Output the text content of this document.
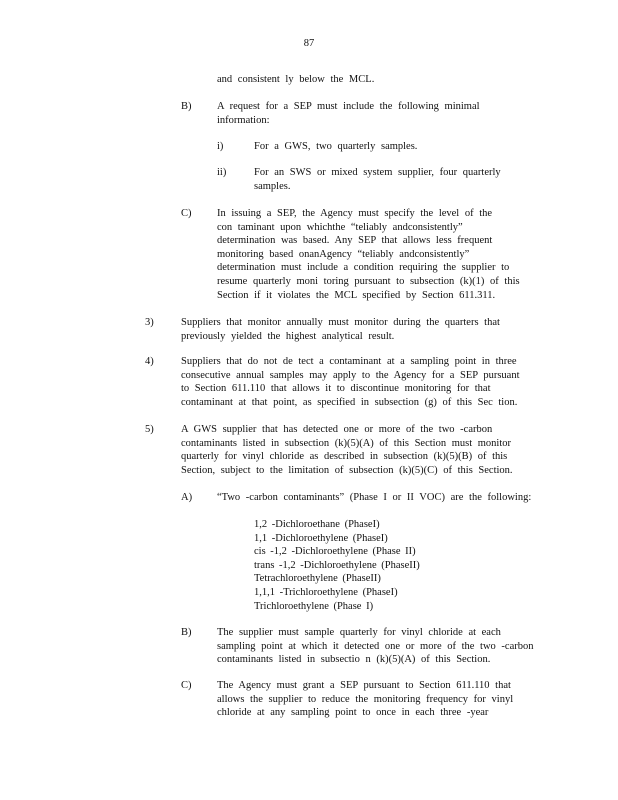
87
and consistent ly below the MCL.
B) A request for a SEP must include the following minimal
information:
i)	For a GWS, two quarterly samples.
ii)	For an SWS or mixed system supplier, four quarterly
samples.
C) In issuing a SEP, the Agency must specify the level of the
con taminant upon whichthe “teliably andconsistently”
determination was based. Any SEP that allows less frequent
monitoring based onanAgency “teliably andconsistently”
determination must include a condition requiring the supplier to
resume quarterly moni toring pursuant to subsection (k)(1) of this
Section if it violates the MCL specified by Section 611.311.
3)	Suppliers that monitor annually must monitor during the quarters that
previously yielded the highest analytical result.
4)	Suppliers that do not de tect a contaminant at a sampling point in three
consecutive annual samples may apply to the Agency for a SEP pursuant
to Section 611.110 that allows it to discontinue monitoring for that
contaminant at that point, as specified in subsection (g) of this Sec tion.
5)	A GWS supplier that has detected one or more of the two -carbon
contaminants listed in subsection (k)(5)(A) of this Section must monitor
quarterly for vinyl chloride as described in subsection (k)(5)(B) of this
Section, subject to the limitation of subsection (k)(5)(C) of this Section.
A) “Two -carbon contaminants” (Phase I or II VOC) are the following:
1,2 -Dichloroethane (PhaseI)
1,1 -Dichloroethylene (PhaseI)
cis -1,2 -Dichloroethylene (Phase II)
trans -1,2 -Dichloroethylene (PhaseII)
Tetrachloroethylene (PhaseII)
1,1,1 -Trichloroethylene (PhaseI)
Trichloroethylene (Phase I)
B) The supplier must sample quarterly for vinyl chloride at each
sampling point at which it detected one or more of the two -carbon
contaminants listed in subsectio n (k)(5)(A) of this Section.
C) The Agency must grant a SEP pursuant to Section 611.110 that
allows the supplier to reduce the monitoring frequency for vinyl
chloride at any sampling point to once in each three -year
